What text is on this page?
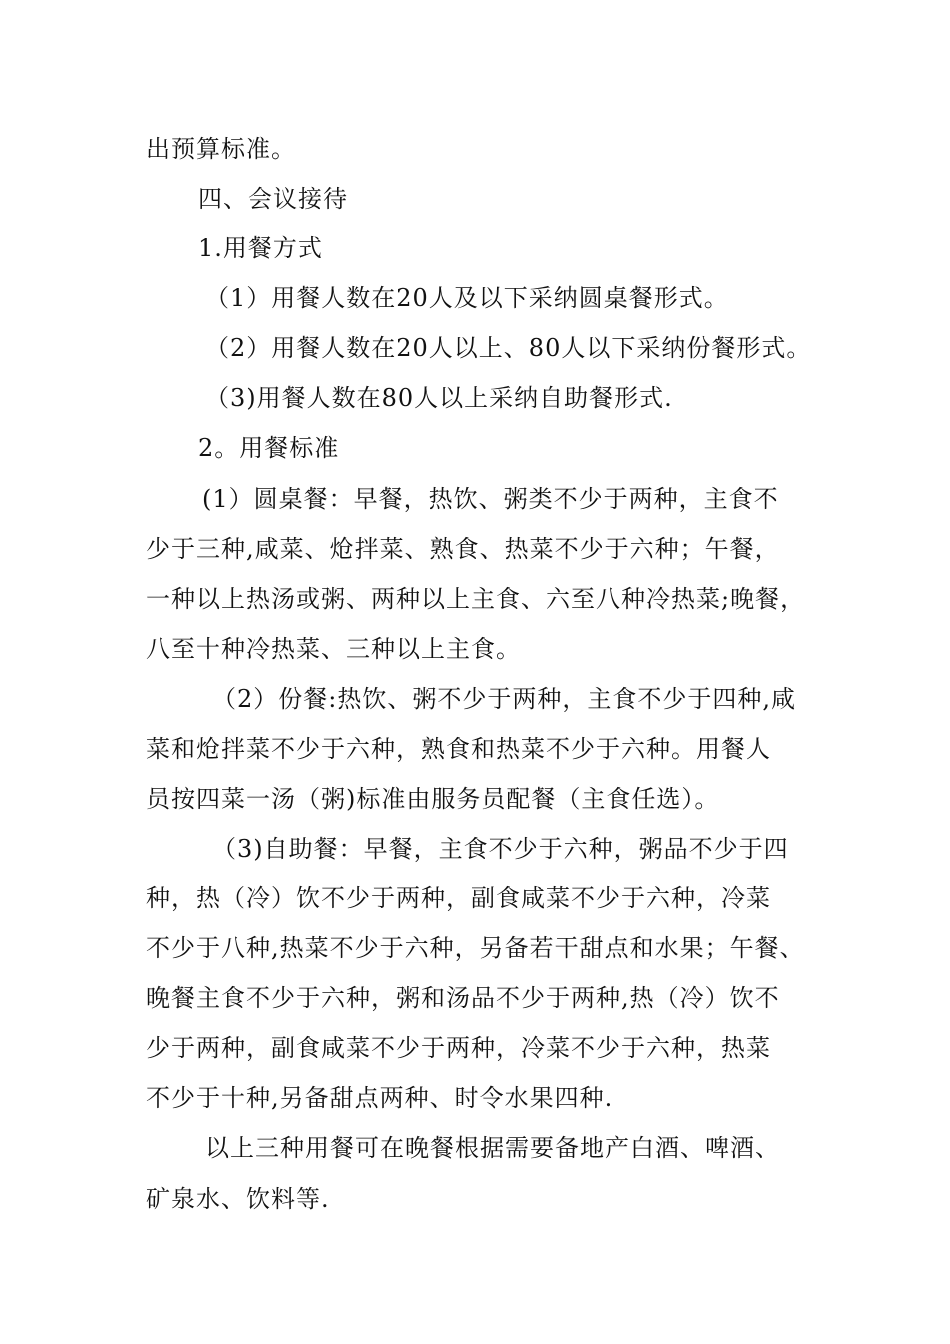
出预算标准。
四、会议接待
1.用餐方式
（1）用餐人数在20人及以下采纳圆桌餐形式。
（2）用餐人数在20人以上、80人以下采纳份餐形式。
（3)用餐人数在80人以上采纳自助餐形式.
2。用餐标准
(1）圆桌餐：早餐，热饮、粥类不少于两种，主食不
少于三种,咸菜、炝拌菜、熟食、热菜不少于六种；午餐，
一种以上热汤或粥、两种以上主食、六至八种冷热菜;晚餐，
八至十种冷热菜、三种以上主食。
（2）份餐:热饮、粥不少于两种，主食不少于四种,咸
菜和炝拌菜不少于六种，熟食和热菜不少于六种。用餐人
员按四菜一汤（粥)标准由服务员配餐（主食任选）。
（3)自助餐：早餐，主食不少于六种，粥品不少于四
种，热（冷）饮不少于两种，副食咸菜不少于六种，冷菜
不少于八种,热菜不少于六种，另备若干甜点和水果；午餐、
晚餐主食不少于六种，粥和汤品不少于两种,热（冷）饮不
少于两种，副食咸菜不少于两种，冷菜不少于六种，热菜
不少于十种,另备甜点两种、时令水果四种.
以上三种用餐可在晚餐根据需要备地产白酒、啤酒、
矿泉水、饮料等.
